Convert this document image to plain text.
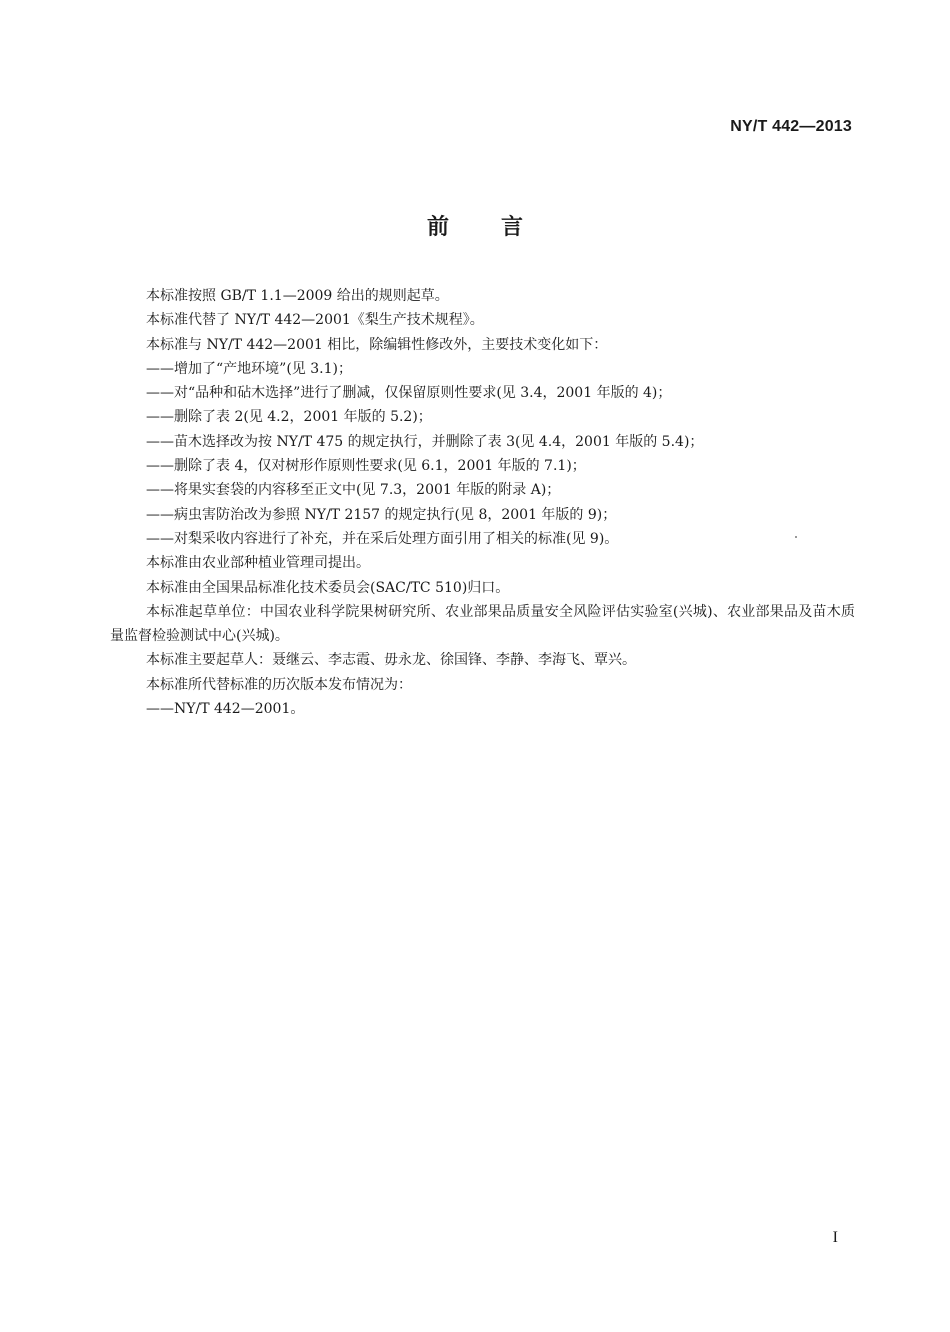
NY/T 442—2013
前 言

本标准按照 GB/T 1.1—2009 给出的规则起草。

本标准代替了 NY/T 442—2001《梨生产技术规程》。

本标准与 NY/T 442—2001 相比，除编辑性修改外，主要技术变化如下：

——增加了“产地环境”(见 3.1)；

——对“品种和砧木选择”进行了删减，仅保留原则性要求(见 3.4，2001 年版的 4)；

——删除了表 2(见 4.2，2001 年版的 5.2)；

——苗木选择改为按 NY/T 475 的规定执行，并删除了表 3(见 4.4，2001 年版的 5.4)；

——删除了表 4，仅对树形作原则性要求(见 6.1，2001 年版的 7.1)；

——将果实套袋的内容移至正文中(见 7.3，2001 年版的附录 A)；

——病虫害防治改为参照 NY/T 2157 的规定执行(见 8，2001 年版的 9)；

——对梨采收内容进行了补充，并在采后处理方面引用了相关的标准(见 9)。

本标准由农业部种植业管理司提出。

本标准由全国果品标准化技术委员会(SAC/TC 510)归口。

本标准起草单位：中国农业科学院果树研究所、农业部果品质量安全风险评估实验室(兴城)、农业部果品及苗木质量监督检验测试中心(兴城)。

本标准主要起草人：聂继云、李志霞、毋永龙、徐国锋、李静、李海飞、覃兴。

本标准所代替标准的历次版本发布情况为：

——NY/T 442—2001。

I
